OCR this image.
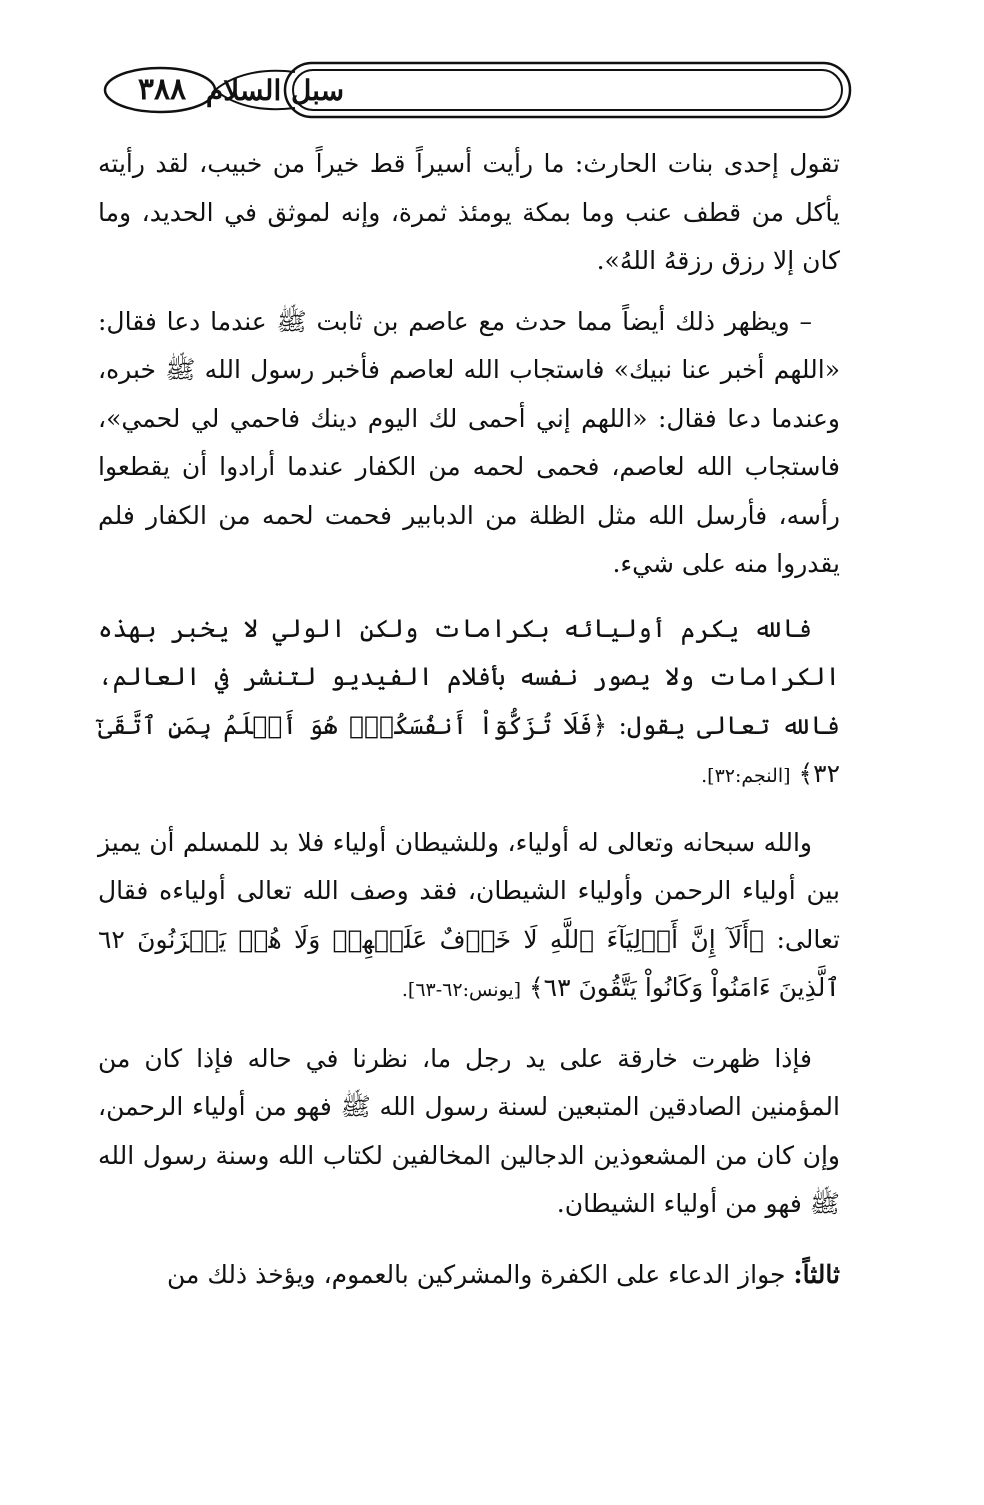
سبل السلام
٣٨٨

تقول إحدى بنات الحارث: ما رأيت أسيراً قط خيراً من خبيب، لقد رأيته يأكل من قطف عنب وما بمكة يومئذ ثمرة، وإنه لموثق في الحديد، وما كان إلا رزق رزقهُ اللهُ».

– ويظهر ذلك أيضاً مما حدث مع عاصم بن ثابت ﷺ عندما دعا فقال: «اللهم أخبر عنا نبيك» فاستجاب الله لعاصم فأخبر رسول الله ﷺ خبره، وعندما دعا فقال: «اللهم إني أحمى لك اليوم دينك فاحمي لي لحمي»، فاستجاب الله لعاصم، فحمى لحمه من الكفار عندما أرادوا أن يقطعوا رأسه، فأرسل الله مثل الظلة من الدبابير فحمت لحمه من الكفار فلم يقدروا منه على شيء.

فالله يكرم أوليائه بكرامات ولكن الولي لا يخبر بهذه الكرامات ولا يصور نفسه بأفلام الفيديو لتنشر في العالم، فالله تعالى يقول: ﴿فَلَا تُزَكُّوٓاْ أَنفُسَكُمۡۖ هُوَ أَعۡلَمُ بِمَنِ ٱتَّقَىٰٓ ٣٢﴾ [النجم:٣٢].

والله سبحانه وتعالى له أولياء، وللشيطان أولياء فلا بد للمسلم أن يميز بين أولياء الرحمن وأولياء الشيطان، فقد وصف الله تعالى أولياءه فقال تعالى: ﴿أَلَآ إِنَّ أَوۡلِيَآءَ ٱللَّهِ لَا خَوۡفٌ عَلَيۡهِمۡ وَلَا هُمۡ يَحۡزَنُونَ ٦٢ ٱلَّذِينَ ءَامَنُواْ وَكَانُواْ يَتَّقُونَ ٦٣﴾ [يونس:٦٢-٦٣].

فإذا ظهرت خارقة على يد رجل ما، نظرنا في حاله فإذا كان من المؤمنين الصادقين المتبعين لسنة رسول الله ﷺ فهو من أولياء الرحمن، وإن كان من المشعوذين الدجالين المخالفين لكتاب الله وسنة رسول الله ﷺ فهو من أولياء الشيطان.

ثالثاً: جواز الدعاء على الكفرة والمشركين بالعموم، ويؤخذ ذلك من
